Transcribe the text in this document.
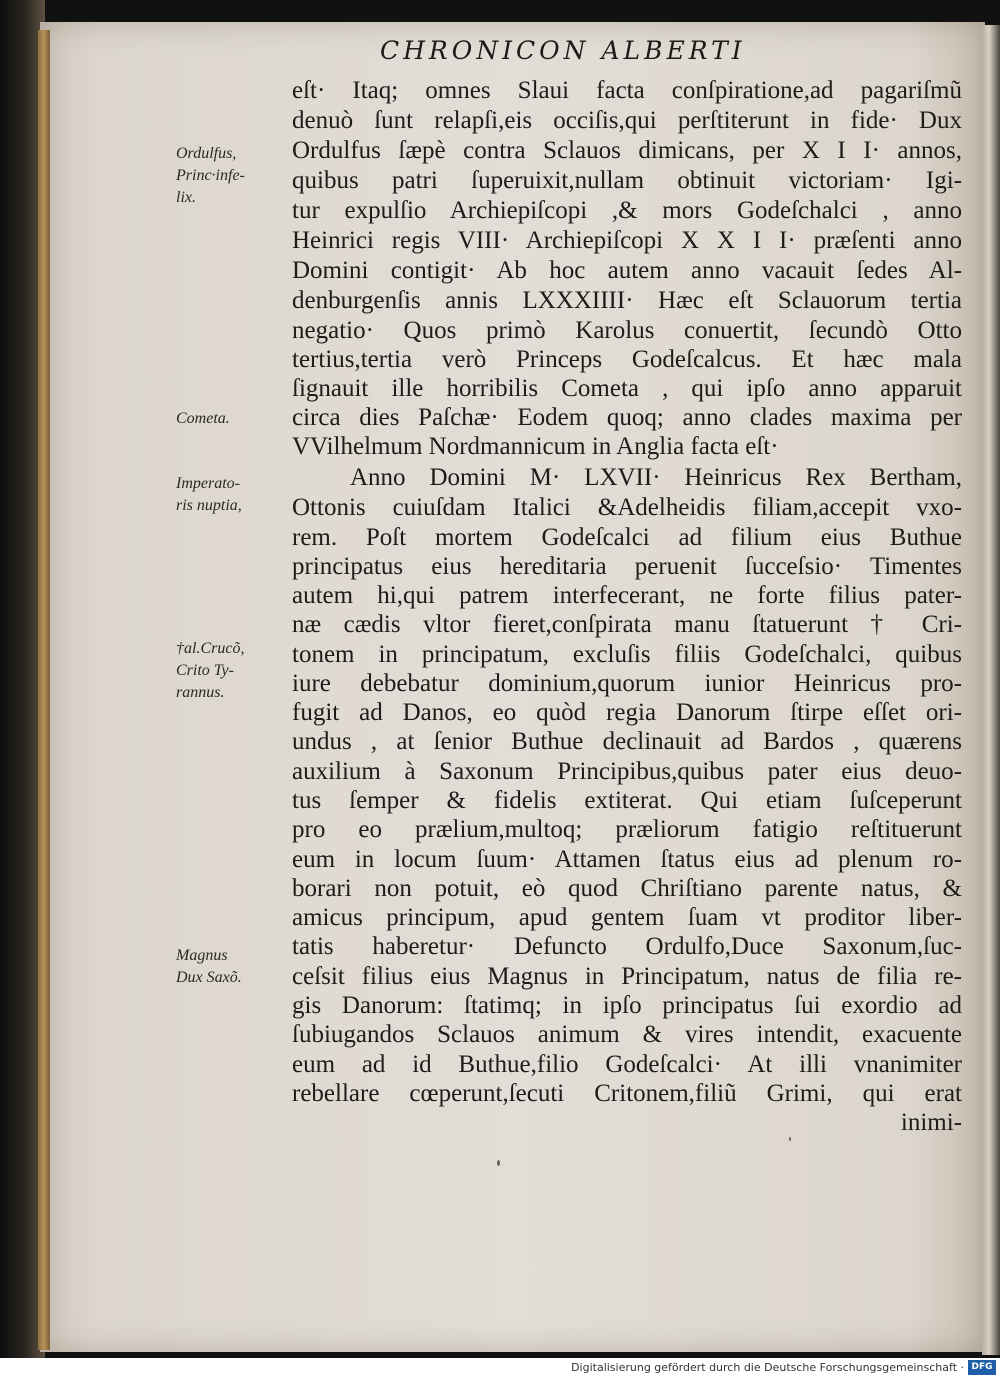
CHRONICON ALBERTI
eſt· Itaq; omnes Slaui facta conſpiratione,ad pagariſmũ
denuò ſunt relapſi,eis occiſis,qui perſtiterunt in fide· Dux
Ordulfus ſæpè contra Sclauos dimicans, per X I I· annos,
quibus patri ſuperuixit,nullam obtinuit victoriam· Igi-
tur expulſio Archiepiſcopi ,& mors Godeſchalci , anno
Heinrici regis VIII· Archiepiſcopi X X I I· præſenti anno
Domini contigit· Ab hoc autem anno vacauit ſedes Al-
denburgenſis annis LXXXIIII· Hæc eſt Sclauorum tertia
negatio· Quos primò Karolus conuertit, ſecundò Otto
tertius,tertia verò Princeps Godeſcalcus. Et hæc mala
ſignauit ille horribilis Cometa , qui ipſo anno apparuit
circa dies Paſchæ· Eodem quoq; anno clades maxima per
VVilhelmum Nordmannicum in Anglia facta eſt·
Anno Domini M· LXVII· Heinricus Rex Bertham,
Ottonis cuiuſdam Italici &Adelheidis filiam,accepit vxo-
rem. Poſt mortem Godeſcalci ad filium eius Buthue
principatus eius hereditaria peruenit ſucceſsio· Timentes
autem hi,qui patrem interfecerant, ne forte filius pater-
næ cædis vltor fieret,conſpirata manu ſtatuerunt † Cri-
tonem in principatum, excluſis filiis Godeſchalci, quibus
iure debebatur dominium,quorum iunior Heinricus pro-
fugit ad Danos, eo quòd regia Danorum ſtirpe eſſet ori-
undus , at ſenior Buthue declinauit ad Bardos , quærens
auxilium à Saxonum Principibus,quibus pater eius deuo-
tus ſemper & fidelis extiterat. Qui etiam ſuſceperunt
pro eo prælium,multoq; præliorum fatigio reſtituerunt
eum in locum ſuum· Attamen ſtatus eius ad plenum ro-
borari non potuit, eò quod Chriſtiano parente natus, &
amicus principum, apud gentem ſuam vt proditor liber-
tatis haberetur· Defuncto Ordulfo,Duce Saxonum,ſuc-
ceſsit filius eius Magnus in Principatum, natus de filia re-
gis Danorum: ſtatimq; in ipſo principatus ſui exordio ad
ſubiugandos Sclauos animum & vires intendit, exacuente
eum ad id Buthue,filio Godeſcalci· At illi vnanimiter
rebellare cœperunt,ſecuti Critonem,filiũ Grimi, qui erat
inimi-
Ordulfus,
Princ·infe-
lix.
Cometa.
Imperato-
ris nuptia,
†al.Crucõ,
Crito Ty-
rannus.
Magnus
Dux Saxõ.
Digitalisierung gefördert durch die Deutsche Forschungsgemeinschaft · DFG
